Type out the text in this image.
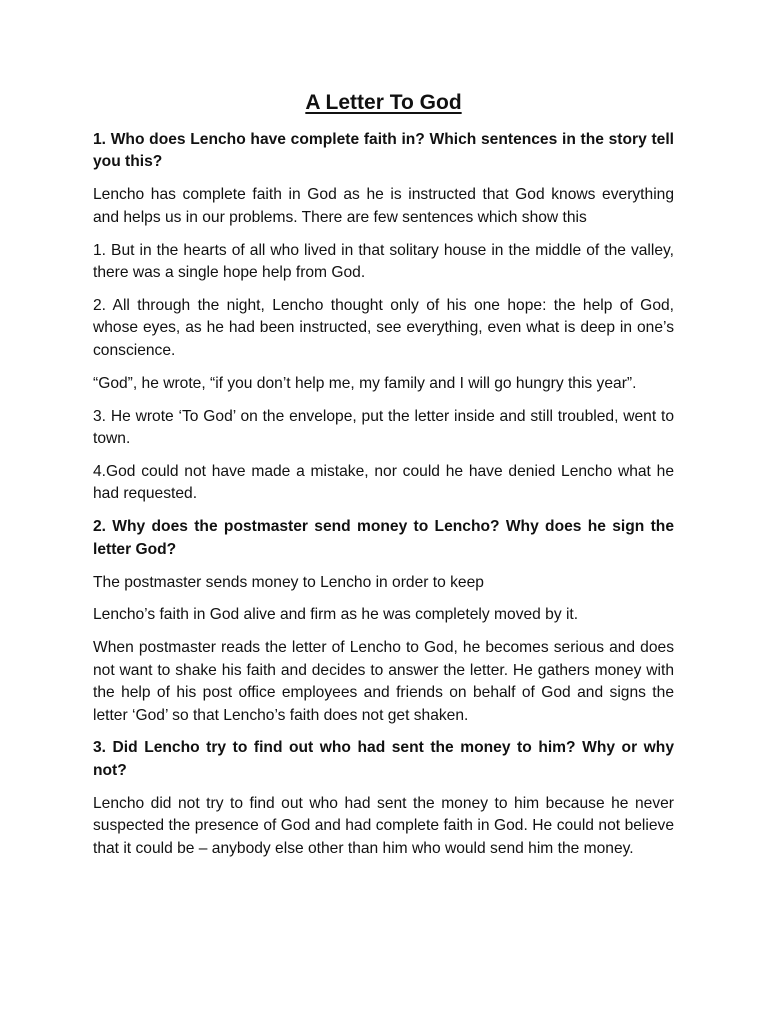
A Letter To God
1. Who does Lencho have complete faith in? Which sentences in the story tell you this?
Lencho has complete faith in God as he is instructed that God knows everything and helps us in our problems. There are few sentences which show this
1. But in the hearts of all who lived in that solitary house in the middle of the valley, there was a single hope help from God.
2. All through the night, Lencho thought only of his one hope: the help of God, whose eyes, as he had been instructed, see everything, even what is deep in one’s conscience.
“God”, he wrote, “if you don’t help me, my family and I will go hungry this year”.
3. He wrote ‘To God’ on the envelope, put the letter inside and still troubled, went to town.
4.God could not have made a mistake, nor could he have denied Lencho what he had requested.
2. Why does the postmaster send money to Lencho? Why does he sign the letter God?
The postmaster sends money to Lencho in order to keep
Lencho’s faith in God alive and firm as he was completely moved by it.
When postmaster reads the letter of Lencho to God, he becomes serious and does not want to shake his faith and decides to answer the letter. He gathers money with the help of his post office employees and friends on behalf of God and signs the letter ‘God’ so that Lencho’s faith does not get shaken.
3. Did Lencho try to find out who had sent the money to him? Why or why not?
Lencho did not try to find out who had sent the money to him because he never suspected the presence of God and had complete faith in God. He could not believe that it could be – anybody else other than him who would send him the money.
